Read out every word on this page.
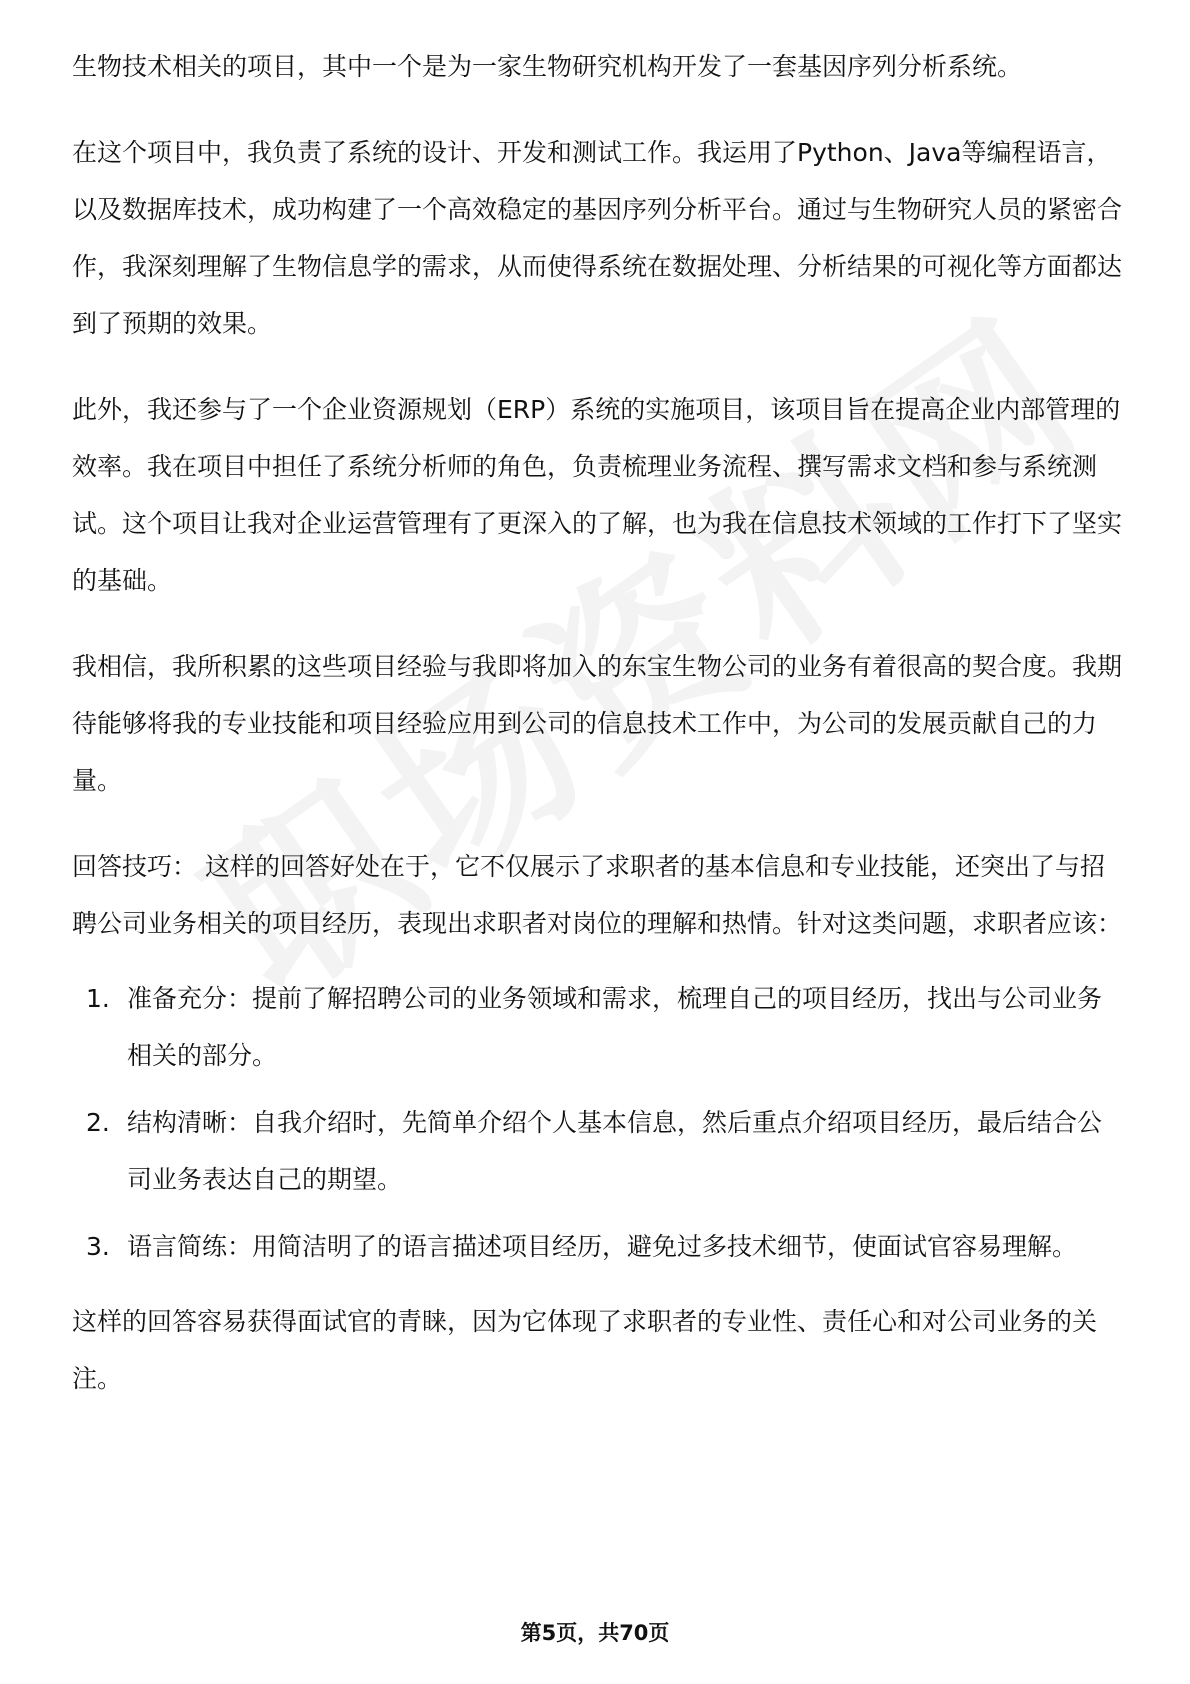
生物技术相关的项目，其中一个是为一家生物研究机构开发了一套基因序列分析系统。

在这个项目中，我负责了系统的设计、开发和测试工作。我运用了Python、Java等编程语言，以及数据库技术，成功构建了一个高效稳定的基因序列分析平台。通过与生物研究人员的紧密合作，我深刻理解了生物信息学的需求，从而使得系统在数据处理、分析结果的可视化等方面都达到了预期的效果。

此外，我还参与了一个企业资源规划（ERP）系统的实施项目，该项目旨在提高企业内部管理的效率。我在项目中担任了系统分析师的角色，负责梳理业务流程、撰写需求文档和参与系统测试。这个项目让我对企业运营管理有了更深入的了解，也为我在信息技术领域的工作打下了坚实的基础。

我相信，我所积累的这些项目经验与我即将加入的东宝生物公司的业务有着很高的契合度。我期待能够将我的专业技能和项目经验应用到公司的信息技术工作中，为公司的发展贡献自己的力量。

回答技巧： 这样的回答好处在于，它不仅展示了求职者的基本信息和专业技能，还突出了与招聘公司业务相关的项目经历，表现出求职者对岗位的理解和热情。针对这类问题，求职者应该：

1. 准备充分：提前了解招聘公司的业务领域和需求，梳理自己的项目经历，找出与公司业务相关的部分。
2. 结构清晰：自我介绍时，先简单介绍个人基本信息，然后重点介绍项目经历，最后结合公司业务表达自己的期望。
3. 语言简练：用简洁明了的语言描述项目经历，避免过多技术细节，使面试官容易理解。

这样的回答容易获得面试官的青睐，因为它体现了求职者的专业性、责任心和对公司业务的关注。

第5页，共70页
